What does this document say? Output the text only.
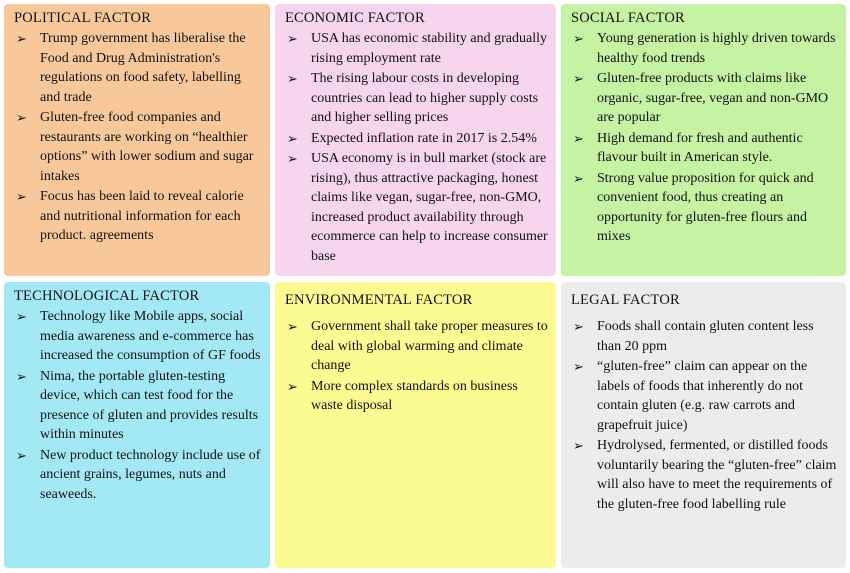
POLITICAL FACTOR
➢ Trump government has liberalise the Food and Drug Administration's regulations on food safety, labelling and trade
➢ Gluten-free food companies and restaurants are working on “healthier options” with lower sodium and sugar intakes
➢ Focus has been laid to reveal calorie and nutritional information for each product. agreements
ECONOMIC FACTOR
➢ USA has economic stability and gradually rising employment rate
➢ The rising labour costs in developing countries can lead to higher supply costs and higher selling prices
➢ Expected inflation rate in 2017 is 2.54%
➢ USA economy is in bull market (stock are rising), thus attractive packaging, honest claims like vegan, sugar-free, non-GMO, increased product availability through ecommerce can help to increase consumer base
SOCIAL FACTOR
➢ Young generation is highly driven towards healthy food trends
➢ Gluten-free products with claims like organic, sugar-free, vegan and non-GMO are popular
➢ High demand for fresh and authentic flavour built in American style.
➢ Strong value proposition for quick and convenient food, thus creating an opportunity for gluten-free flours and mixes
TECHNOLOGICAL FACTOR
➢ Technology like Mobile apps, social media awareness and e-commerce has increased the consumption of GF foods
➢ Nima, the portable gluten-testing device, which can test food for the presence of gluten and provides results within minutes
➢ New product technology include use of ancient grains, legumes, nuts and seaweeds.
ENVIRONMENTAL FACTOR
➢ Government shall take proper measures to deal with global warming and climate change
➢ More complex standards on business waste disposal
LEGAL FACTOR
➢ Foods shall contain gluten content less than 20 ppm
➢ “gluten-free” claim can appear on the labels of foods that inherently do not contain gluten (e.g. raw carrots and grapefruit juice)
➢ Hydrolysed, fermented, or distilled foods voluntarily bearing the “gluten-free” claim will also have to meet the requirements of the gluten-free food labelling rule
